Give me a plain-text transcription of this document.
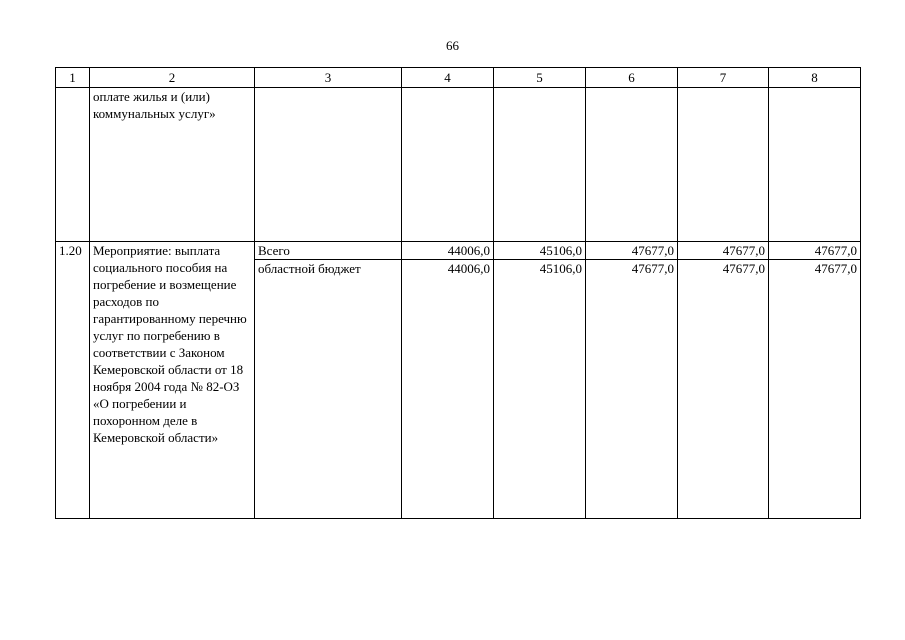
66
1	2	3	4	5	6	7	8
	оплате жилья и (или) коммунальных услуг»						
1.20	Мероприятие: выплата социального пособия на погребение и возмещение расходов по гарантированному перечню услуг по погребению в соответствии с Законом Кемеровской области от 18 ноября 2004 года № 82-ОЗ «О погребении и похоронном деле в Кемеровской области»	Всего	44006,0	45106,0	47677,0	47677,0	47677,0
		областной бюджет	44006,0	45106,0	47677,0	47677,0	47677,0
